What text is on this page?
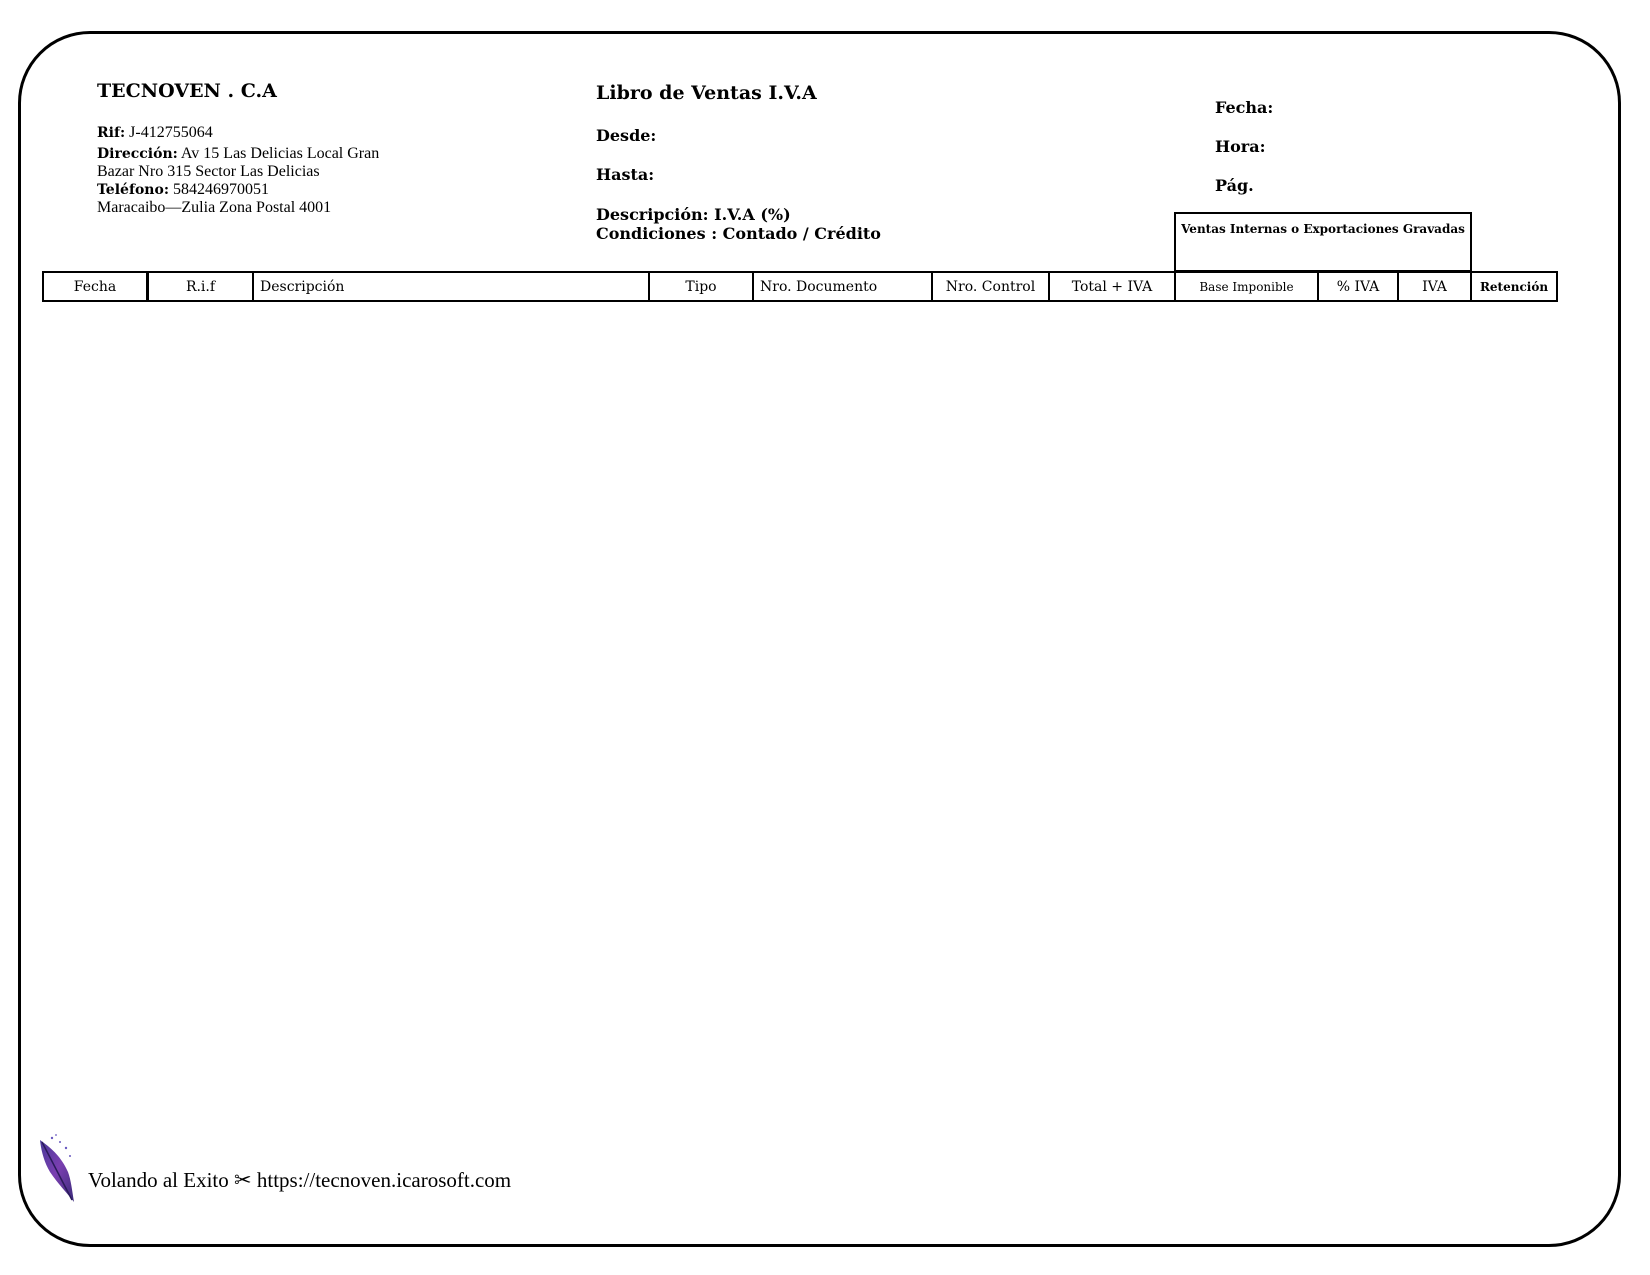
TECNOVEN . C.A
Rif: J-412755064
Dirección: Av 15 Las Delicias Local Gran
Bazar Nro 315 Sector Las Delicias
Teléfono: 584246970051
Maracaibo—Zulia Zona Postal 4001
Libro de Ventas I.V.A
Desde:
Hasta:
Descripción: I.V.A (%)
Condiciones : Contado / Crédito
Fecha:
Hora:
Pág.
Ventas Internas o Exportaciones Gravadas
Fecha	R.i.f	Descripción	Tipo	Nro. Documento	Nro. Control	Total + IVA	Base Imponible	% IVA	IVA	Retención
Volando al Exito ✂ https://tecnoven.icarosoft.com
